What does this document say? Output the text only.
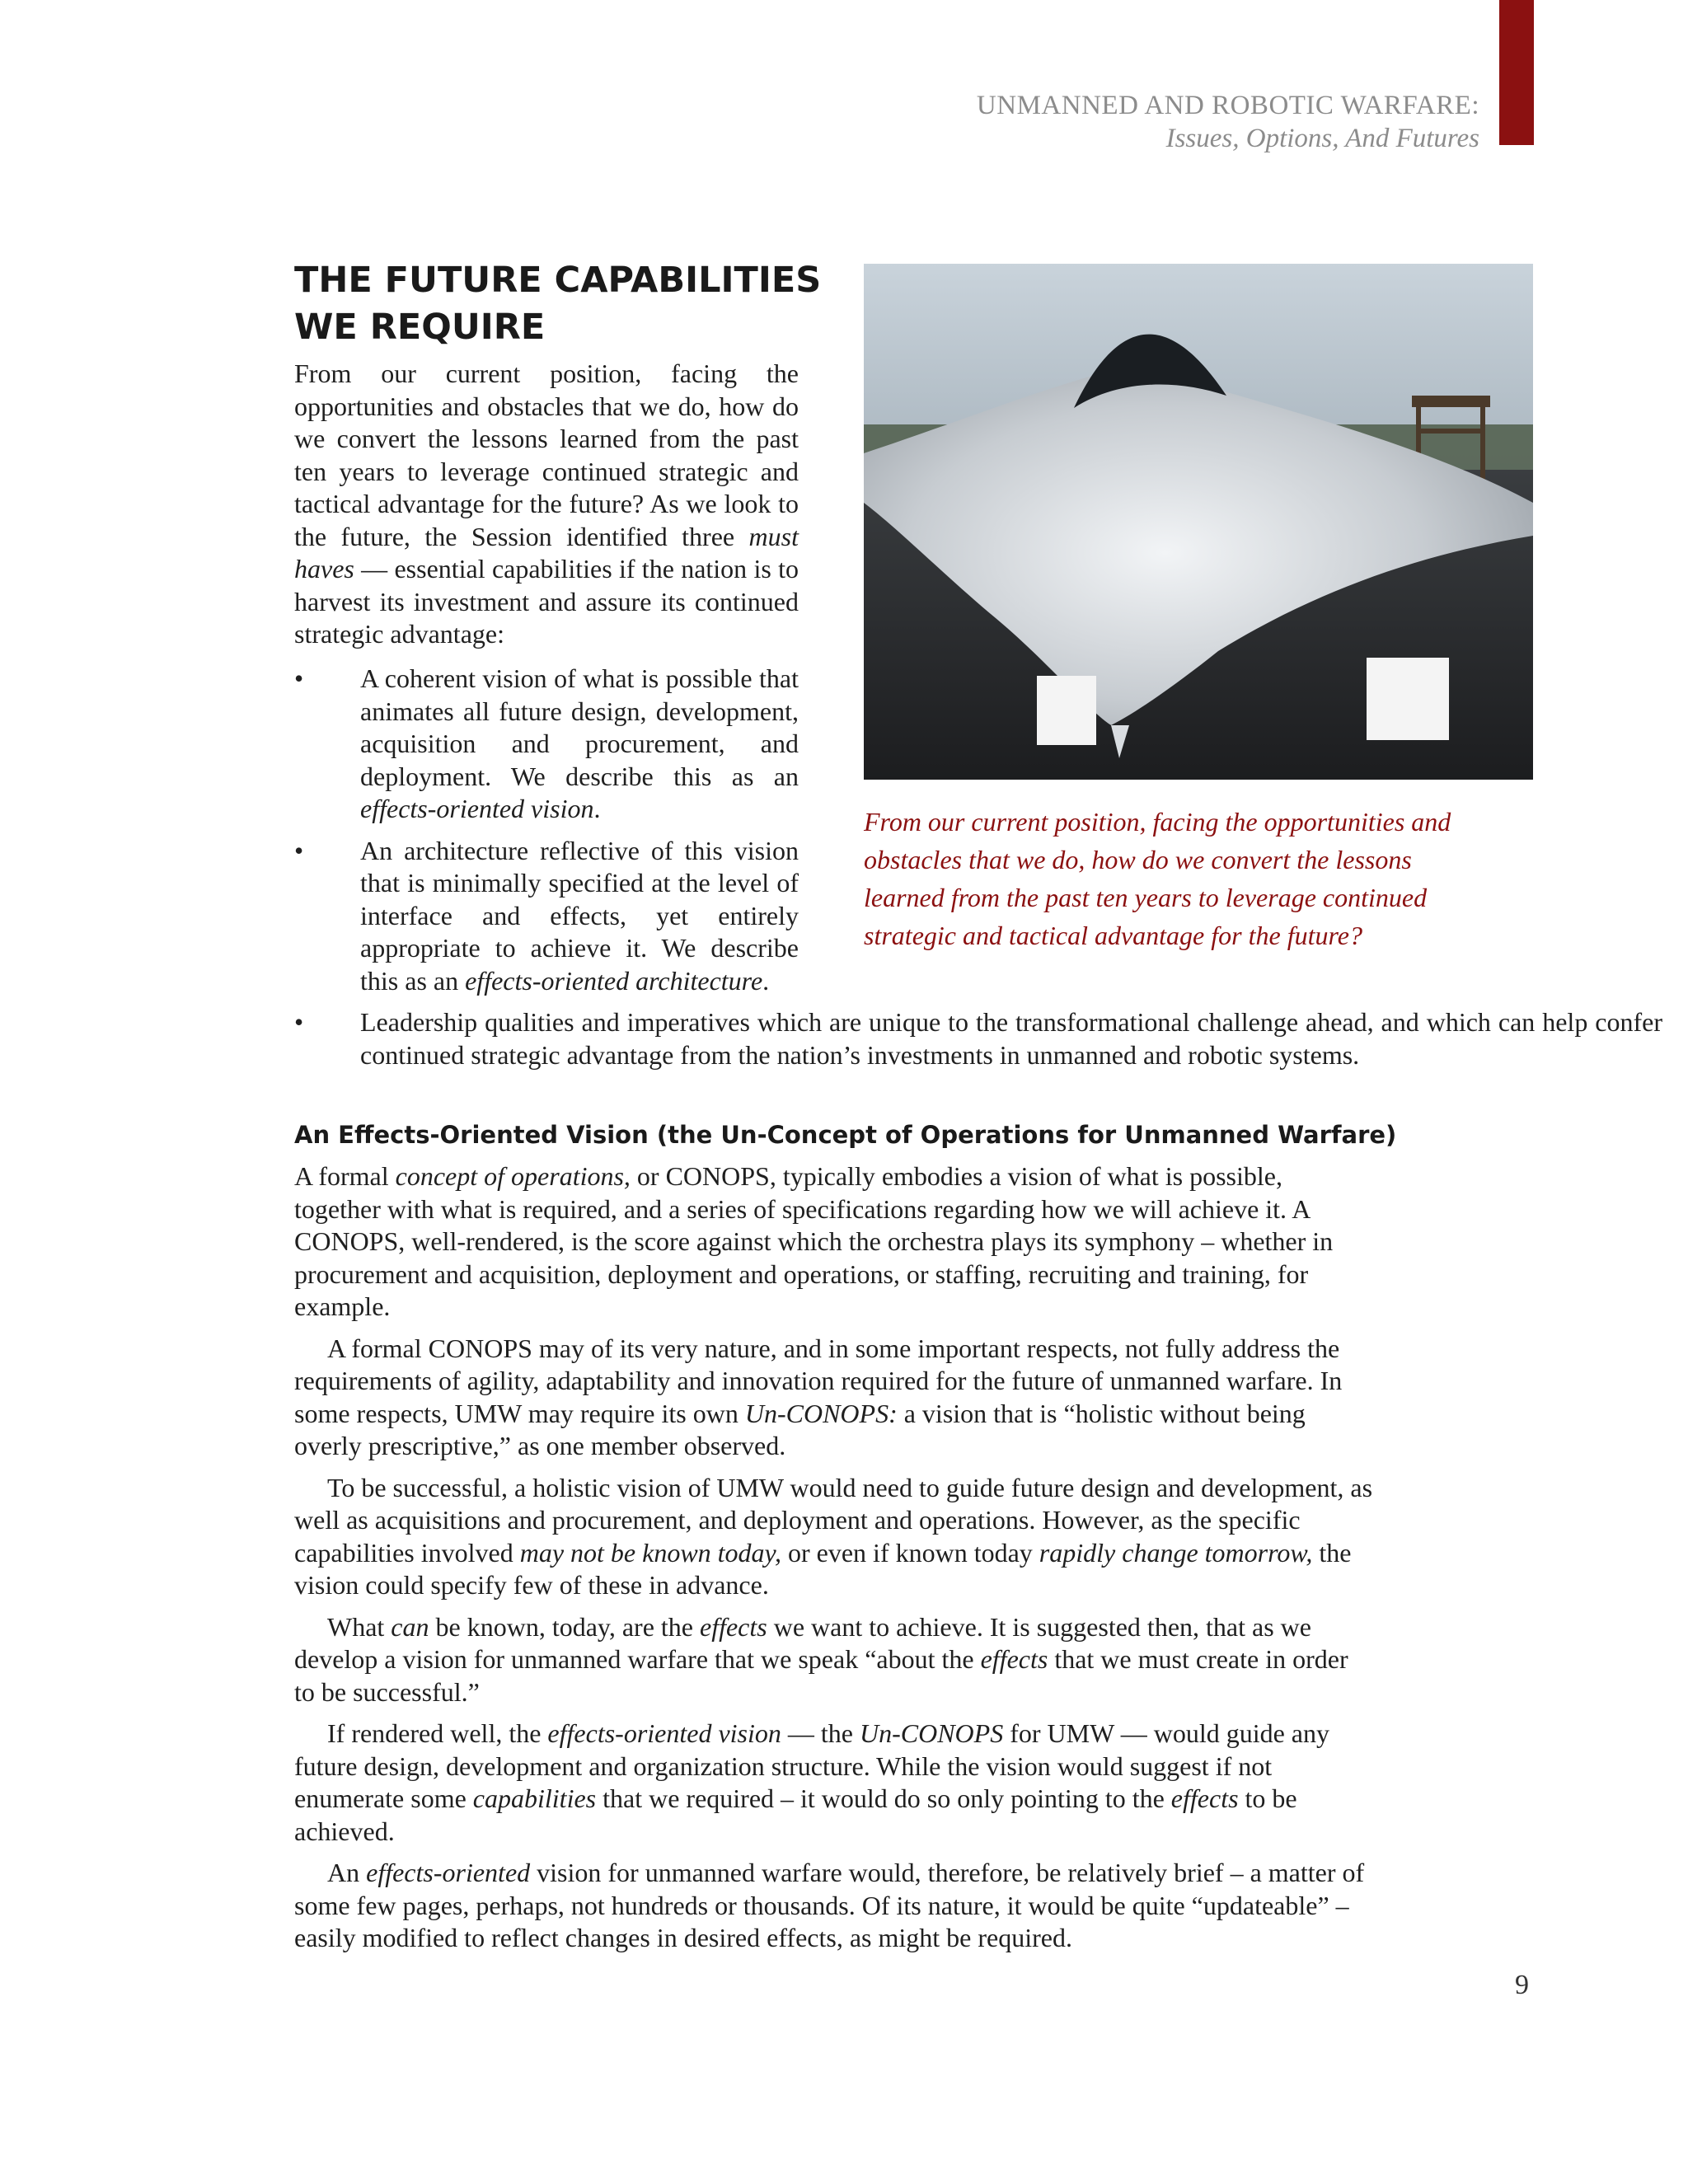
UNMANNED AND ROBOTIC WARFARE:
Issues, Options, And Futures
THE FUTURE CAPABILITIES
WE REQUIRE

From our current position, facing the opportunities and obstacles that we do, how do we convert the lessons learned from the past ten years to leverage continued strategic and tactical advantage for the future? As we look to the future, the Session identified three must haves — essential capabilities if the nation is to harvest its investment and assure its continued strategic advantage:

• A coherent vision of what is possible that animates all future design, development, acquisition and procurement, and deployment. We describe this as an effects-oriented vision.
• An architecture reflective of this vision that is minimally specified at the level of interface and effects, yet entirely appropriate to achieve it. We describe this as an effects-oriented architecture.
• Leadership qualities and imperatives which are unique to the transformational challenge ahead, and which can help confer continued strategic advantage from the nation’s investments in unmanned and robotic systems.

From our current position, facing the opportunities and obstacles that we do, how do we convert the lessons learned from the past ten years to leverage continued strategic and tactical advantage for the future?

An Effects-Oriented Vision (the Un-Concept of Operations for Unmanned Warfare)

A formal concept of operations, or CONOPS, typically embodies a vision of what is possible, together with what is required, and a series of specifications regarding how we will achieve it. A CONOPS, well-rendered, is the score against which the orchestra plays its symphony – whether in procurement and acquisition, deployment and operations, or staffing, recruiting and training, for example.

A formal CONOPS may of its very nature, and in some important respects, not fully address the requirements of agility, adaptability and innovation required for the future of unmanned warfare. In some respects, UMW may require its own Un-CONOPS: a vision that is “holistic without being overly prescriptive,” as one member observed.

To be successful, a holistic vision of UMW would need to guide future design and development, as well as acquisitions and procurement, and deployment and operations. However, as the specific capabilities involved may not be known today, or even if known today rapidly change tomorrow, the vision could specify few of these in advance.

What can be known, today, are the effects we want to achieve. It is suggested then, that as we develop a vision for unmanned warfare that we speak “about the effects that we must create in order to be successful.”

If rendered well, the effects-oriented vision — the Un-CONOPS for UMW — would guide any future design, development and organization structure. While the vision would suggest if not enumerate some capabilities that we required – it would do so only pointing to the effects to be achieved.

An effects-oriented vision for unmanned warfare would, therefore, be relatively brief – a matter of some few pages, perhaps, not hundreds or thousands. Of its nature, it would be quite “updateable” – easily modified to reflect changes in desired effects, as might be required.

9
